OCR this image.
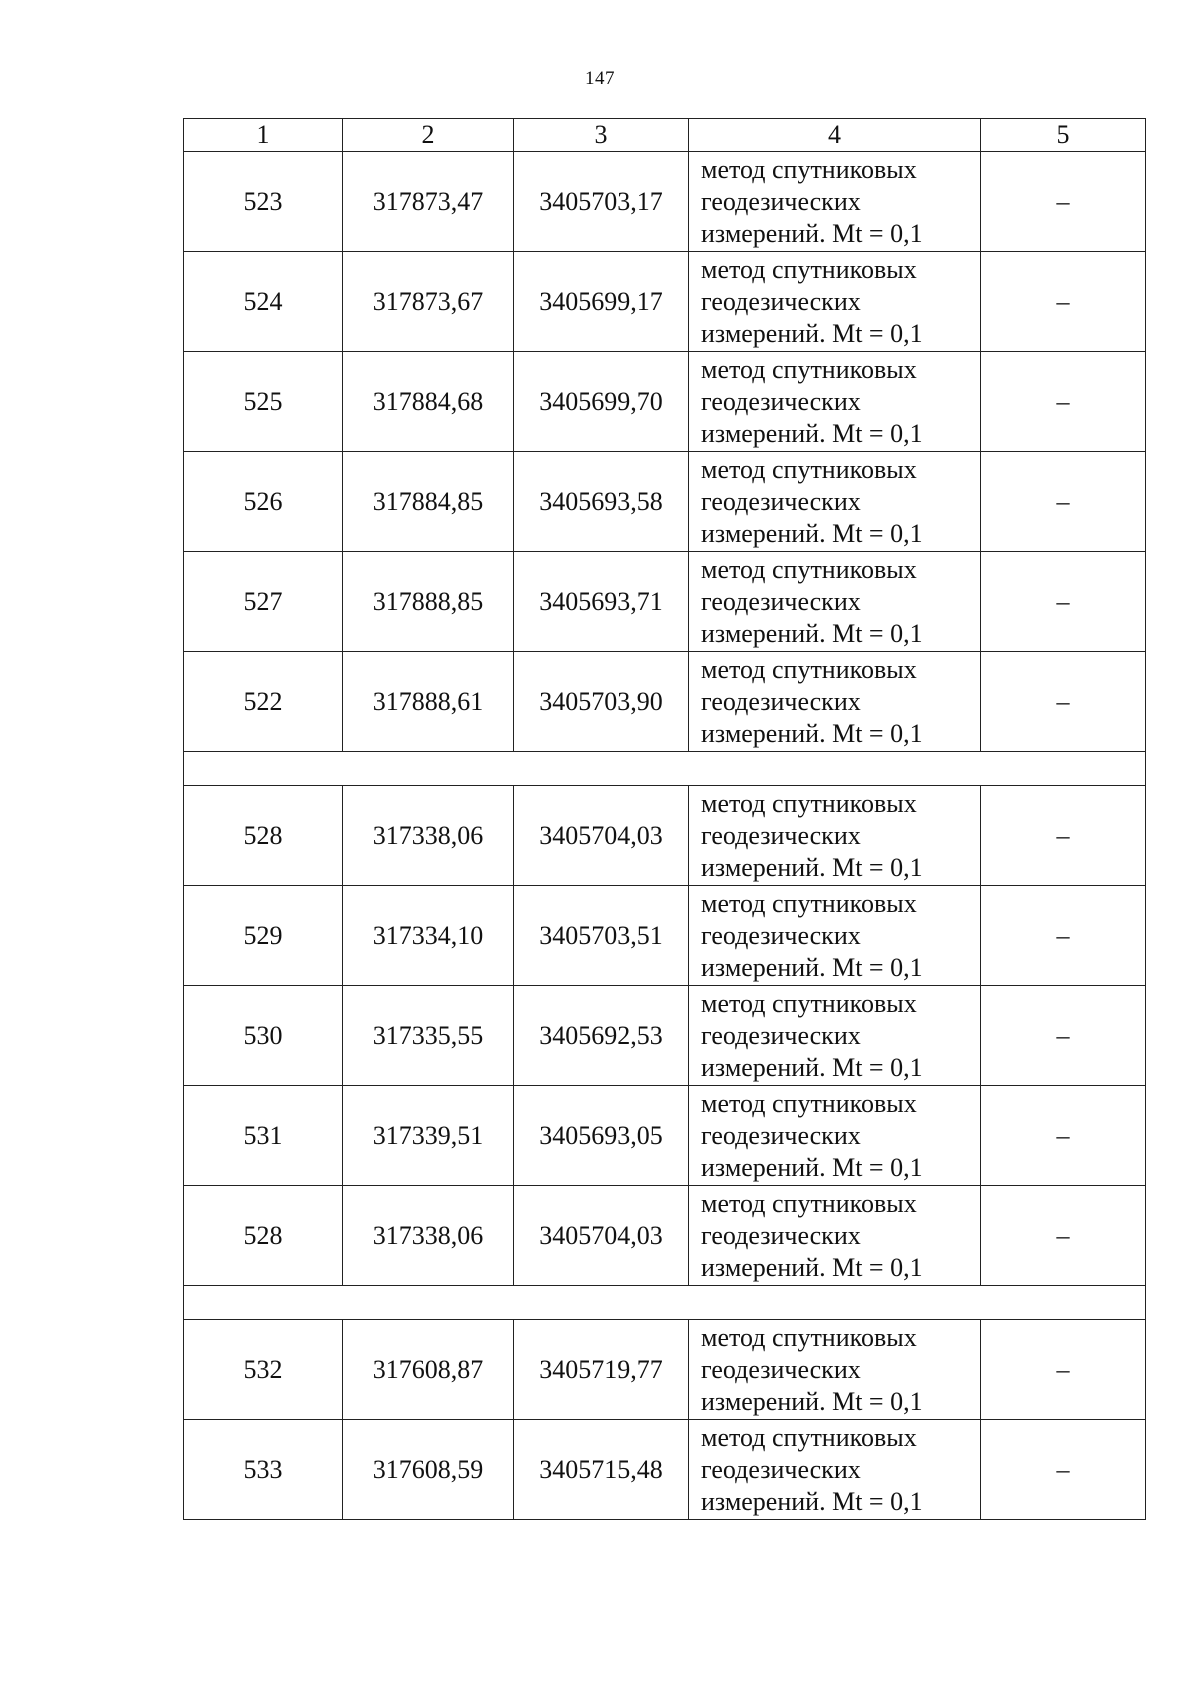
147
1	2	3	4	5
523	317873,47	3405703,17	метод спутниковых
геодезических
измерений. Mt = 0,1	–
524	317873,67	3405699,17	метод спутниковых
геодезических
измерений. Mt = 0,1	–
525	317884,68	3405699,70	метод спутниковых
геодезических
измерений. Mt = 0,1	–
526	317884,85	3405693,58	метод спутниковых
геодезических
измерений. Mt = 0,1	–
527	317888,85	3405693,71	метод спутниковых
геодезических
измерений. Mt = 0,1	–
522	317888,61	3405703,90	метод спутниковых
геодезических
измерений. Mt = 0,1	–

528	317338,06	3405704,03	метод спутниковых
геодезических
измерений. Mt = 0,1	–
529	317334,10	3405703,51	метод спутниковых
геодезических
измерений. Mt = 0,1	–
530	317335,55	3405692,53	метод спутниковых
геодезических
измерений. Mt = 0,1	–
531	317339,51	3405693,05	метод спутниковых
геодезических
измерений. Mt = 0,1	–
528	317338,06	3405704,03	метод спутниковых
геодезических
измерений. Mt = 0,1	–

532	317608,87	3405719,77	метод спутниковых
геодезических
измерений. Mt = 0,1	–
533	317608,59	3405715,48	метод спутниковых
геодезических
измерений. Mt = 0,1	–
